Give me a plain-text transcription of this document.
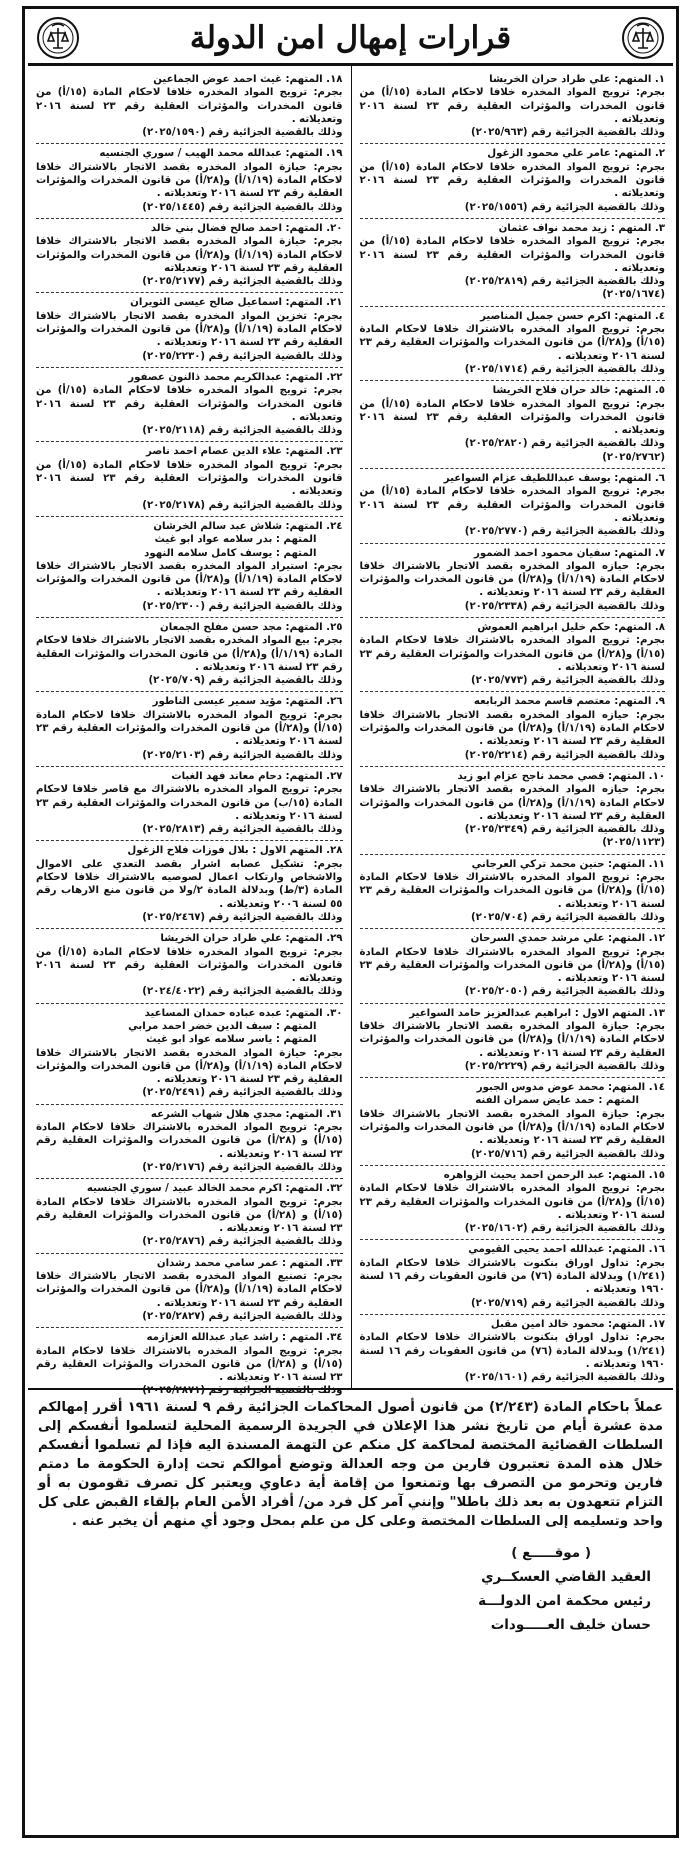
قرارات إمهال امن الدولة
١. المتهم: علي طراد حران الخريشا
بجرم: ترويج المواد المخدره خلافا لاحكام المادة (١٥/أ) من قانون المخدرات والمؤثرات العقلية رقم ٢٣ لسنة ٢٠١٦ وتعديلاته .
وذلك بالقضية الجزائية رقم (٢٠٢٥/٩٦٣)
٢. المتهم: عامر علي محمود الزغول
بجرم: ترويج المواد المخدره خلافا لاحكام المادة (١٥/أ) من قانون المخدرات والمؤثرات العقلية رقم ٢٣ لسنة ٢٠١٦ وتعديلاته .
وذلك بالقضية الجزائية رقم (٢٠٢٥/١٥٥٦)
٣. المتهم : زيد محمد نواف عثمان
بجرم: ترويج المواد المخدره خلافا لاحكام المادة (١٥/أ) من قانون المخدرات والمؤثرات العقلية رقم ٢٣ لسنة ٢٠١٦ وتعديلاته .
وذلك بالقضية الجزائية رقم (٢٠٢٥/٢٨١٩)
(٢٠٢٥/١٦٧٤)
٤. المتهم: اكرم حسن جميل المناصير
بجرم: ترويج المواد المخدره بالاشتراك خلافا لاحكام المادة (١٥/أ) و(٢٨/أ) من قانون المخدرات والمؤثرات العقلية رقم ٢٣ لسنة ٢٠١٦ وتعديلاته .
وذلك بالقضية الجزائية رقم (٢٠٢٥/١٧١٤)
٥. المتهم: خالد حران فلاح الخريشا
بجرم: ترويج المواد المخدره خلافا لاحكام المادة (١٥/أ) من قانون المخدرات والمؤثرات العقلية رقم ٢٣ لسنة ٢٠١٦ وتعديلاته .
وذلك بالقضية الجزائية رقم (٢٠٢٥/٢٨٢٠)
(٢٠٢٥/٢٧٦٢)
٦. المتهم: يوسف عبداللطيف عزام السواعير
بجرم: ترويج المواد المخدره خلافا لاحكام المادة (١٥/أ) من قانون المخدرات والمؤثرات العقلية رقم ٢٣ لسنة ٢٠١٦ وتعديلاته .
وذلك بالقضية الجزائية رقم (٢٠٢٥/٢٧٧٠)
٧. المتهم: سفيان محمود احمد الضمور
بجرم: حيازه المواد المخدره بقصد الاتجار بالاشتراك خلافا لاحكام المادة (١/١٩/أ) و(٢٨/أ) من قانون المخدرات والمؤثرات العقلية رقم ٢٣ لسنة ٢٠١٦ وتعديلاته .
وذلك بالقضية الجزائية رقم (٢٠٢٥/٢٣٣٨)
٨. المتهم: حكم خليل ابراهيم العموش
بجرم: ترويج المواد المخدره بالاشتراك خلافا لاحكام المادة (١٥/أ) و(٢٨/أ) من قانون المخدرات والمؤثرات العقلية رقم ٢٣ لسنة ٢٠١٦ وتعديلاته .
وذلك بالقضية الجزائية رقم (٢٠٢٥/٧٧٣)
٩. المتهم: معتصم قاسم محمد الربابعه
بجرم: حيازه المواد المخدره بقصد الاتجار بالاشتراك خلافا لاحكام المادة (١/١٩/أ) و(٢٨/أ) من قانون المخدرات والمؤثرات العقلية رقم ٢٣ لسنة ٢٠١٦ وتعديلاته .
وذلك بالقضية الجزائية رقم (٢٠٢٥/٢٢١٤)
١٠. المتهم: قصي محمد ناجح عزام ابو زيد
بجرم: حيازه المواد المخدره بقصد الاتجار بالاشتراك خلافا لاحكام المادة (١/١٩/أ) و(٢٨/أ) من قانون المخدرات والمؤثرات العقلية رقم ٢٣ لسنة ٢٠١٦ وتعديلاته .
وذلك بالقضية الجزائية رقم (٢٠٢٥/٢٣٤٩)
(٢٠٢٥/١١٢٣)
١١. المتهم: حنين محمد تركي العرجاني
بجرم: ترويج المواد المخدره بالاشتراك خلافا لاحكام المادة (١٥/أ) و(٢٨/أ) من قانون المخدرات والمؤثرات العقلية رقم ٢٣ لسنة ٢٠١٦ وتعديلاته .
وذلك بالقضية الجزائية رقم (٢٠٢٥/٧٠٤)
١٢. المتهم: علي مرشد حمدي السرحان
بجرم: ترويج المواد المخدره بالاشتراك خلافا لاحكام المادة (١٥/أ) و(٢٨/أ) من قانون المخدرات والمؤثرات العقلية رقم ٢٣ لسنة ٢٠١٦ وتعديلاته .
وذلك بالقضية الجزائية رقم (٢٠٢٥/٢٠٥٠)
١٣. المتهم الاول : ابراهيم عبدالعزيز حامد السواعير
بجرم: حيازة المواد المخدره بقصد الاتجار بالاشتراك خلافا لاحكام المادة (١/١٩/أ) و(٢٨/أ) من قانون المخدرات والمؤثرات العقلية رقم ٢٣ لسنة ٢٠١٦ وتعديلاته .
وذلك بالقضية الجزائية رقم (٢٠٢٥/٢٢٢٩)
١٤. المتهم: محمد عوض مدوس الجبور
المتهم : حمد عايض سمران الفنه
بجرم: حيازة المواد المخدره بقصد الاتجار بالاشتراك خلافا لاحكام المادة (١/١٩/أ) و(٢٨/أ) من قانون المخدرات والمؤثرات العقلية رقم ٢٣ لسنة ٢٠١٦ وتعديلاته .
وذلك بالقضية الجزائية رقم (٢٠٢٥/٧١٦)
١٥. المتهم: عبد الرحمن احمد يحيث الزواهره
بجرم: ترويج المواد المخدره بالاشتراك خلافا لاحكام المادة (١٥/أ) و(٢٨/أ) من قانون المخدرات والمؤثرات العقلية رقم ٢٣ لسنة ٢٠١٦ وتعديلاته .
وذلك بالقضية الجزائية رقم (٢٠٢٥/١٦٠٢)
١٦. المتهم: عبدالله احمد يحيى القيومي
بجرم: تداول اوراق بنكنوت بالاشتراك خلافا لاحكام المادة (١/٢٤١) وبدلالة المادة (٧٦) من قانون العقوبات رقم ١٦ لسنة ١٩٦٠ وتعديلاته .
وذلك بالقضية الجزائية رقم (٢٠٢٥/٧١٩)
١٧. المتهم: محمود خالد امين مقبل
بجرم: تداول اوراق بنكنوت بالاشتراك خلافا لاحكام المادة (١/٢٤١) وبدلالة المادة (٧٦) من قانون العقوبات رقم ١٦ لسنة ١٩٦٠ وتعديلاته .
وذلك بالقضية الجزائية رقم (٢٠٢٥/١٦٠١)
١٨. المتهم: غيث احمد عوض الجماعين
بجرم: ترويج المواد المخدره خلافا لاحكام المادة (١٥/أ) من قانون المخدرات والمؤثرات العقلية رقم ٢٣ لسنة ٢٠١٦ وتعديلاته .
وذلك بالقضية الجزائية رقم (٢٠٢٥/١٥٩٠)
١٩. المتهم: عبدالله محمد الهيب / سوري الجنسيه
بجرم: حيازة المواد المخدره بقصد الاتجار بالاشتراك خلافا لاحكام المادة (١/١٩/أ) و(٢٨/أ) من قانون المخدرات والمؤثرات العقلية رقم ٢٣ لسنة ٢٠١٦ وتعديلاته .
وذلك بالقضية الجزائية رقم (٢٠٢٥/١٤٤٥)
٢٠. المتهم: احمد صالح فضال بني خالد
بجرم: حيازة المواد المخدره بقصد الاتجار بالاشتراك خلافا لاحكام المادة (١/١٩/أ) و(٢٨/أ) من قانون المخدرات والمؤثرات العقلية رقم ٢٣ لسنة ٢٠١٦ وتعديلاته
وذلك بالقضية الجزائية رقم (٢٠٢٥/٢١٧٧)
٢١. المتهم: اسماعيل صالح عيسى الثويران
بجرم: تخزين المواد المخدره بقصد الاتجار بالاشتراك خلافا لاحكام المادة (١/١٩/أ) و(٢٨/أ) من قانون المخدرات والمؤثرات العقلية رقم ٢٣ لسنة ٢٠١٦ وتعديلاته .
وذلك بالقضية الجزائية رقم (٢٠٢٥/٢٢٣٠)
٢٢. المتهم: عبدالكريم محمد ذالنون عصفور
بجرم: ترويج المواد المخدره خلافا لاحكام المادة (١٥/أ) من قانون المخدرات والمؤثرات العقلية رقم ٢٣ لسنة ٢٠١٦ وتعديلاته .
وذلك بالقضية الجزائية رقم (٢٠٢٥/٢١١٨)
٢٣. المتهم: علاء الدين عصام احمد ناصر
بجرم: ترويج المواد المخدره خلافا لاحكام المادة (١٥/أ) من قانون المخدرات والمؤثرات العقلية رقم ٢٣ لسنة ٢٠١٦ وتعديلاته .
وذلك بالقضية الجزائية رقم (٢٠٢٥/٢١٧٨)
٢٤. المتهم: شلاش عبد سالم الخرشان
المتهم : بدر سلامه عواد ابو غيث
المتهم : يوسف كامل سلامه النهود
بجرم: استيراد المواد المخدره بقصد الاتجار بالاشتراك خلافا لاحكام المادة (١/١٩/أ) و(٢٨/أ) من قانون المخدرات والمؤثرات العقلية رقم ٢٣ لسنة ٢٠١٦ وتعديلاته .
وذلك بالقضية الجزائية رقم (٢٠٢٥/٢٣٠٠)
٢٥. المتهم: مجد حسن مفلح الجمعان
بجرم: بيع المواد المخدره بقصد الاتجار بالاشتراك خلافا لاحكام المادة (١/١٩/أ) و(٢٨/أ) من قانون المخدرات والمؤثرات العقلية رقم ٢٣ لسنة ٢٠١٦ وتعديلاته .
وذلك بالقضية الجزائية رقم (٢٠٢٥/٧٠٩)
٢٦. المتهم: مؤيد سمير عيسى الناطور
بجرم: ترويج المواد المخدره بالاشتراك خلافا لاحكام المادة (١٥/أ) و(٢٨/أ) من قانون المخدرات والمؤثرات العقلية رقم ٢٣ لسنة ٢٠١٦ وتعديلاته .
وذلك بالقضية الجزائية رقم (٢٠٢٥/٢١٠٣)
٢٧. المتهم: دحام معاند فهد الغبات
بجرم: ترويج المواد المخدره بالاشتراك مع قاصر خلافا لاحكام المادة (١٥/ب) من قانون المخدرات والمؤثرات العقلية رقم ٢٣ لسنة ٢٠١٦ وتعديلاته .
وذلك بالقضية الجزائية رقم (٢٠٢٥/٢٨١٣)
٢٨. المتهم الاول : بلال فوزات فلاح الزغول
بجرم: تشكيل عصابه اشرار بقصد التعدي على الاموال والاشخاص وارتكاب اعمال لصوصيه بالاشتراك خلافا لاحكام المادة (٣/ط) وبدلالة المادة ٢/ولا من قانون منع الارهاب رقم ٥٥ لسنة ٢٠٠٦ وتعديلاته .
وذلك بالقضية الجزائية رقم (٢٠٢٥/٢٤٦٧)
٢٩. المتهم: علي طراد حران الخريشا
بجرم: ترويج المواد المخدره خلافا لاحكام المادة (١٥/أ) من قانون المخدرات والمؤثرات العقلية رقم ٢٣ لسنة ٢٠١٦ وتعديلاته .
وذلك بالقضية الجزائية رقم (٢٠٢٤/٤٠٢٢)
٣٠. المتهم: عبده عباده حمدان المساعيد
المتهم : سيف الدين خضر احمد مرابي
المتهم : ياسر سلامه عواد ابو غيث
بجرم: حيازة المواد المخدره بقصد الاتجار بالاشتراك خلافا لاحكام المادة (١/١٩/أ) و(٢٨/أ) من قانون المخدرات والمؤثرات العقلية رقم ٢٣ لسنة ٢٠١٦ وتعديلاته .
وذلك بالقضية الجزائية رقم (٢٠٢٥/٢٤٩١)
٣١. المتهم: مجدي هلال شهاب الشرعه
بجرم: ترويج المواد المخدره بالاشتراك خلافا لاحكام المادة (١٥/أ) و (٢٨/أ) من قانون المخدرات والمؤثرات العقلية رقم ٢٣ لسنة ٢٠١٦ وتعديلاته .
وذلك بالقضية الجزائية رقم (٢٠٢٥/٢١٧٦)
٣٢. المتهم: اكرم محمد الخالد عبيد / سوري الجنسيه
بجرم: ترويج المواد المخدره بالاشتراك خلافا لاحكام المادة (١٥/أ) و (٢٨/أ) من قانون المخدرات والمؤثرات العقلية رقم ٢٣ لسنة ٢٠١٦ وتعديلاته .
وذلك بالقضية الجزائية رقم (٢٠٢٥/٢٨٧٦)
٣٣. المتهم : عمر سامي محمد رشدان
بجرم: تصنيع المواد المخدره بقصد الاتجار بالاشتراك خلافا لاحكام المادة (١/١٩/أ) و(٢٨/أ) من قانون المخدرات والمؤثرات العقلية رقم ٢٣ لسنة ٢٠١٦ وتعديلاته .
وذلك بالقضية الجزائية رقم (٢٠٢٥/٢٨٢٧)
٣٤. المتهم : راشد عياد عبدالله العزازمه
بجرم: ترويج المواد المخدره بالاشتراك خلافا لاحكام المادة (١٥/أ) و (٢٨/أ) من قانون المخدرات والمؤثرات العقلية رقم ٢٣ لسنة ٢٠١٦ وتعديلاته .
وذلك بالقضية الجزائية رقم (٢٠٢٥/٢٨٧١)
عملاً باحكام المادة (٢/٢٤٣) من قانون أصول المحاكمات الجزائية رقم ٩ لسنة ١٩٦١ أقرر إمهالكم مدة عشرة أيام من تاريخ نشر هذا الإعلان في الجريدة الرسمية المحلية لتسلموا أنفسكم إلى السلطات القضائية المختصة لمحاكمة كل منكم عن التهمة المسندة اليه فإذا لم تسلموا أنفسكم خلال هذه المدة تعتبرون فارين من وجه العدالة وتوضع أموالكم تحت إدارة الحكومة ما دمتم فارين وتحرمو من التصرف بها وتمنعوا من إقامة أية دعاوي ويعتبر كل تصرف تقومون به أو التزام تتعهدون به بعد ذلك باطلا" وإنني آمر كل فرد من/ أفراد الأمن العام بإلقاء القبض على كل واحد وتسليمه إلى السلطات المختصة وعلى كل من علم بمحل وجود أي منهم أن يخبر عنه .
( موقـــــع )
العقيد القاضي العسكــري
رئيس محكمة امن الدولـــة
حسان خليف العـــــودات
